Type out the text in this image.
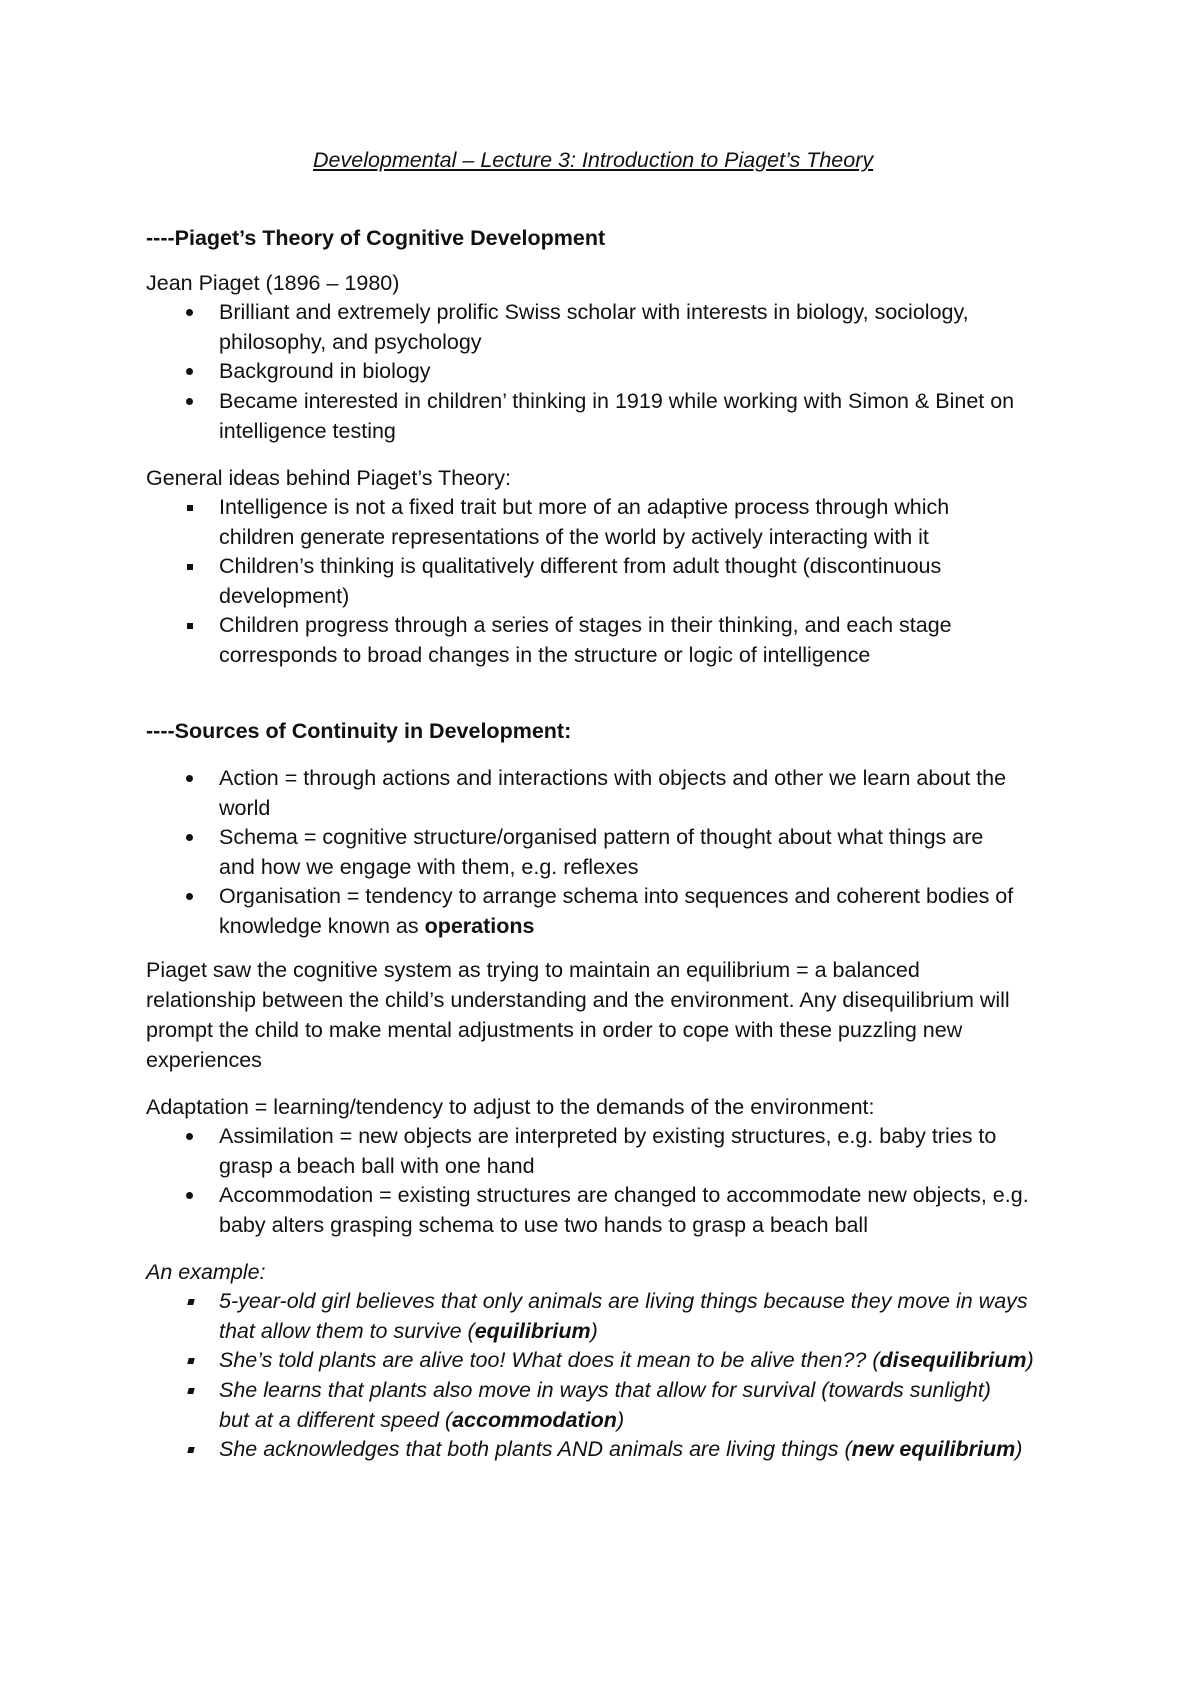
Developmental – Lecture 3: Introduction to Piaget’s Theory
----Piaget’s Theory of Cognitive Development
Jean Piaget (1896 – 1980)
Brilliant and extremely prolific Swiss scholar with interests in biology, sociology,
philosophy, and psychology
Background in biology
Became interested in children’ thinking in 1919 while working with Simon & Binet on
intelligence testing
General ideas behind Piaget’s Theory:
Intelligence is not a fixed trait but more of an adaptive process through which
children generate representations of the world by actively interacting with it
Children’s thinking is qualitatively different from adult thought (discontinuous
development)
Children progress through a series of stages in their thinking, and each stage
corresponds to broad changes in the structure or logic of intelligence
----Sources of Continuity in Development:
Action = through actions and interactions with objects and other we learn about the
world
Schema = cognitive structure/organised pattern of thought about what things are
and how we engage with them, e.g. reflexes
Organisation = tendency to arrange schema into sequences and coherent bodies of
knowledge known as operations
Piaget saw the cognitive system as trying to maintain an equilibrium = a balanced
relationship between the child’s understanding and the environment. Any disequilibrium will
prompt the child to make mental adjustments in order to cope with these puzzling new
experiences
Adaptation = learning/tendency to adjust to the demands of the environment:
Assimilation = new objects are interpreted by existing structures, e.g. baby tries to
grasp a beach ball with one hand
Accommodation = existing structures are changed to accommodate new objects, e.g.
baby alters grasping schema to use two hands to grasp a beach ball
An example:
5-year-old girl believes that only animals are living things because they move in ways
that allow them to survive (equilibrium)
She’s told plants are alive too! What does it mean to be alive then?? (disequilibrium)
She learns that plants also move in ways that allow for survival (towards sunlight)
but at a different speed (accommodation)
She acknowledges that both plants AND animals are living things (new equilibrium)
